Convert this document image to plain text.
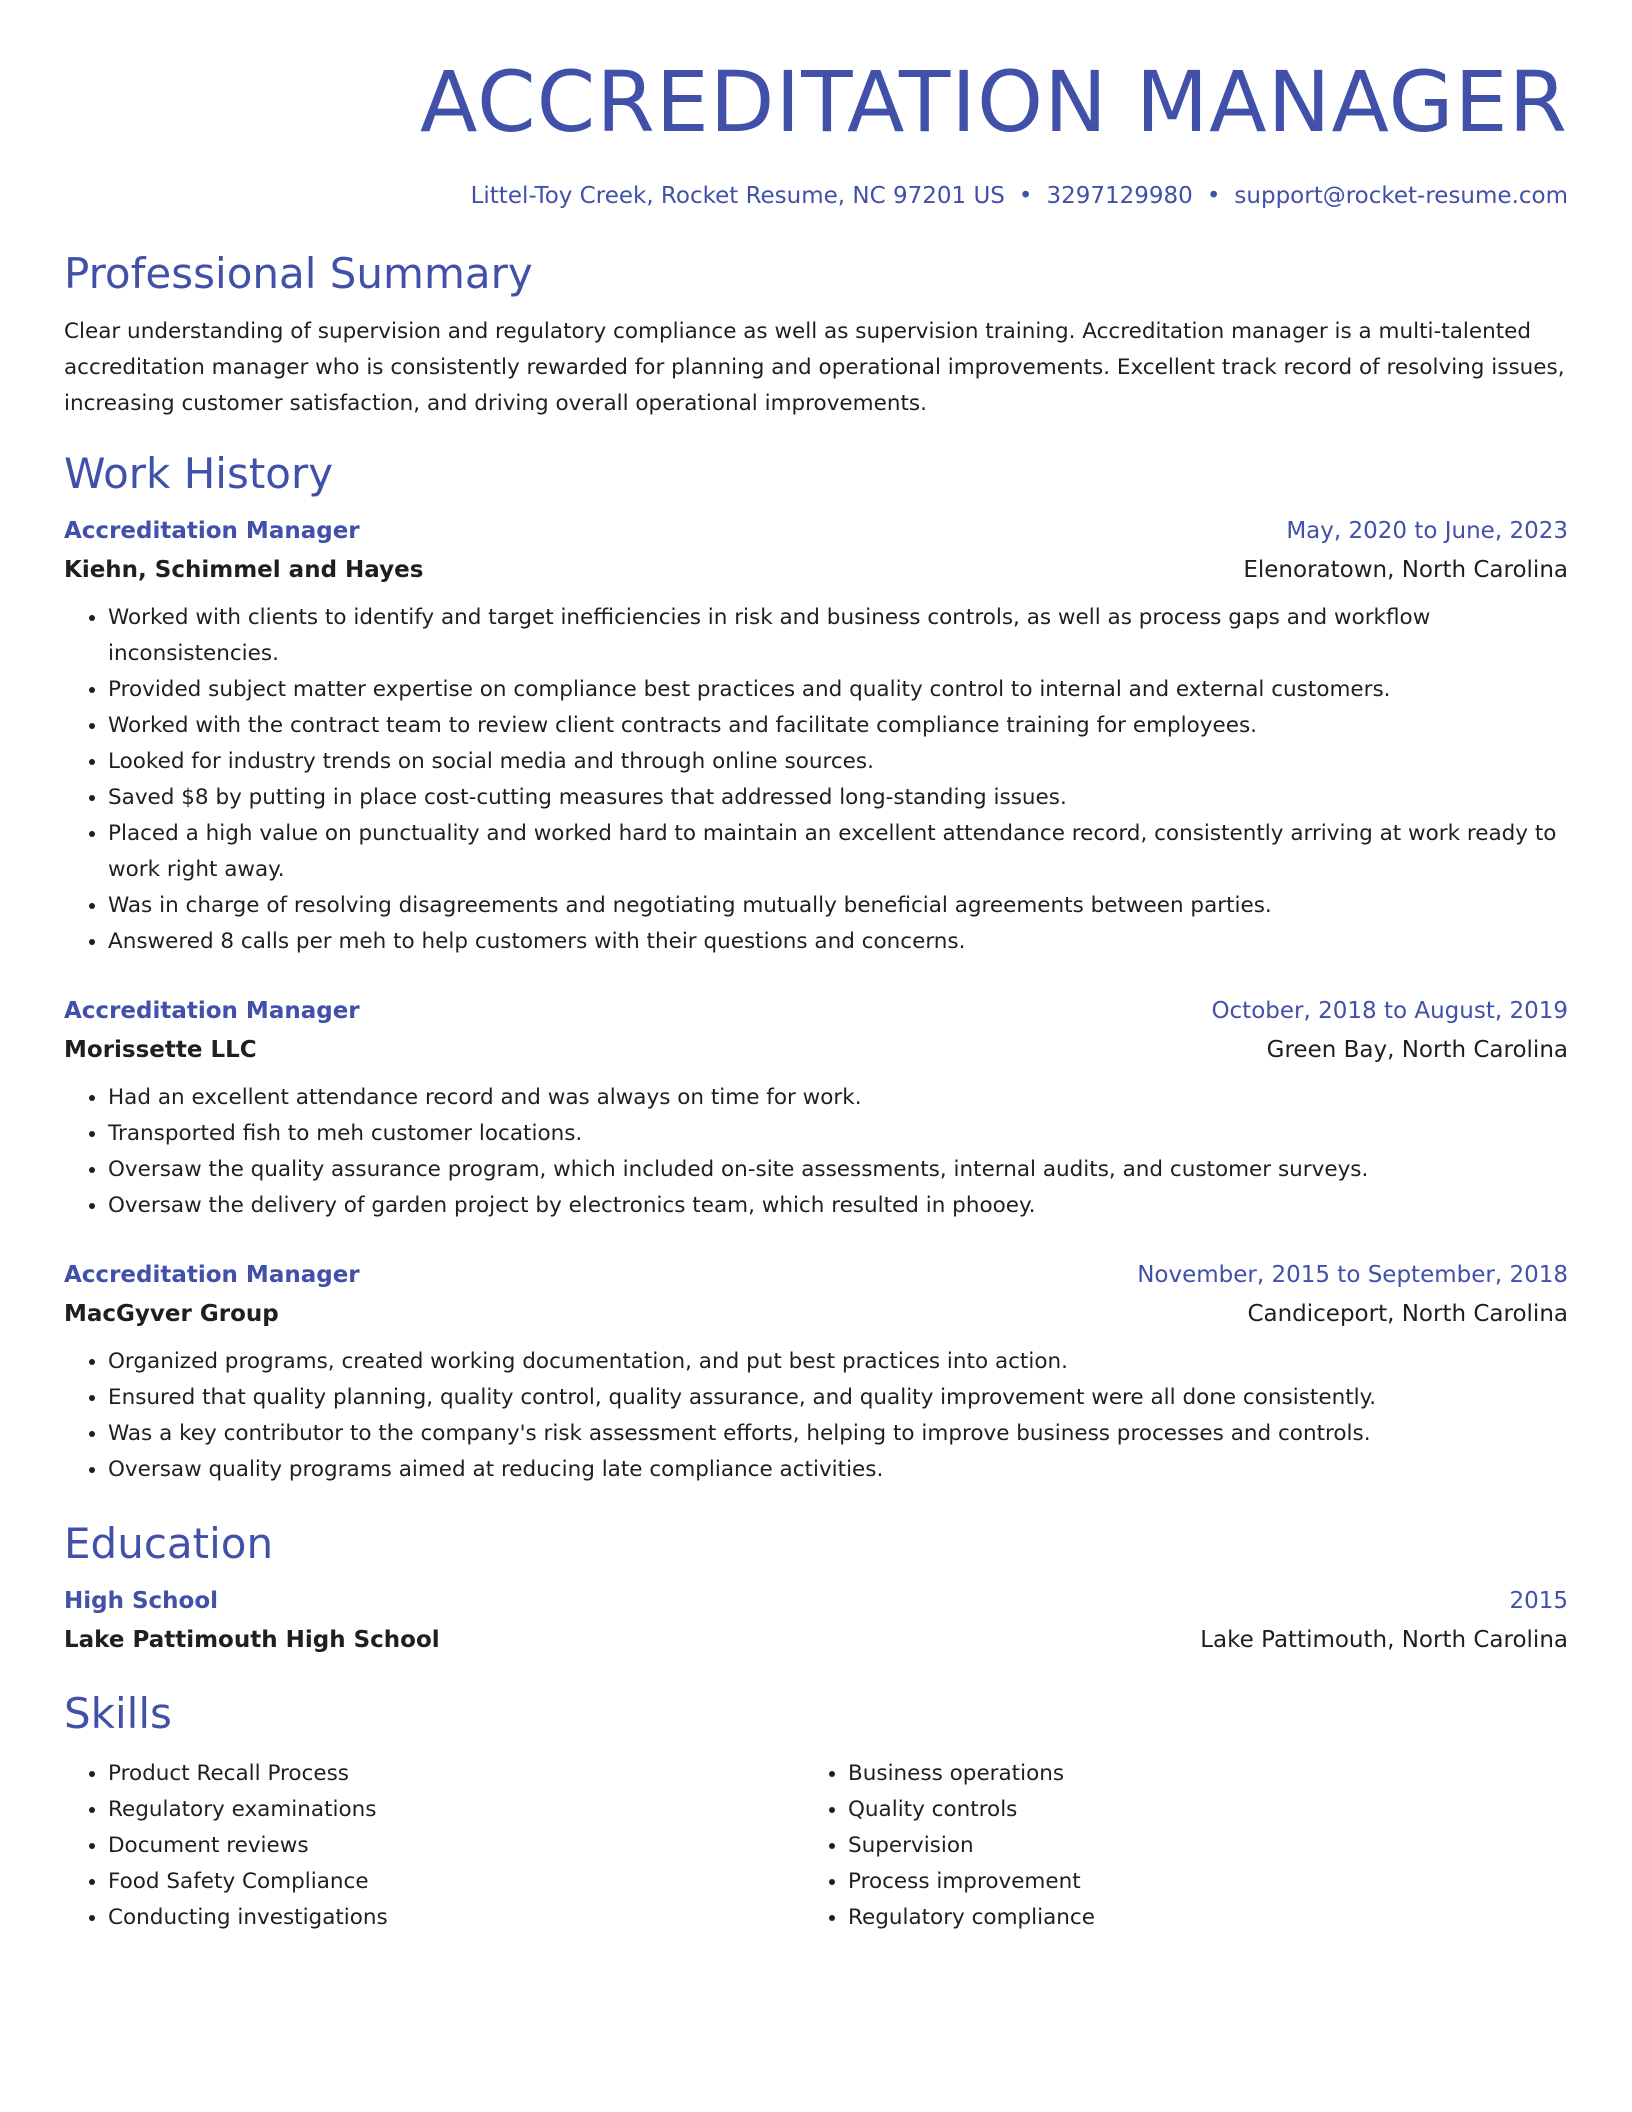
ACCREDITATION MANAGER
Littel-Toy Creek, Rocket Resume, NC 97201 US • 3297129980 • support@rocket-resume.com
Professional Summary
Clear understanding of supervision and regulatory compliance as well as supervision training. Accreditation manager is a multi-talented accreditation manager who is consistently rewarded for planning and operational improvements. Excellent track record of resolving issues, increasing customer satisfaction, and driving overall operational improvements.
Work History
Accreditation Manager	May, 2020 to June, 2023
Kiehn, Schimmel and Hayes	Elenoratown, North Carolina
• Worked with clients to identify and target inefficiencies in risk and business controls, as well as process gaps and workflow inconsistencies.
• Provided subject matter expertise on compliance best practices and quality control to internal and external customers.
• Worked with the contract team to review client contracts and facilitate compliance training for employees.
• Looked for industry trends on social media and through online sources.
• Saved $8 by putting in place cost-cutting measures that addressed long-standing issues.
• Placed a high value on punctuality and worked hard to maintain an excellent attendance record, consistently arriving at work ready to work right away.
• Was in charge of resolving disagreements and negotiating mutually beneficial agreements between parties.
• Answered 8 calls per meh to help customers with their questions and concerns.
Accreditation Manager	October, 2018 to August, 2019
Morissette LLC	Green Bay, North Carolina
• Had an excellent attendance record and was always on time for work.
• Transported fish to meh customer locations.
• Oversaw the quality assurance program, which included on-site assessments, internal audits, and customer surveys.
• Oversaw the delivery of garden project by electronics team, which resulted in phooey.
Accreditation Manager	November, 2015 to September, 2018
MacGyver Group	Candiceport, North Carolina
• Organized programs, created working documentation, and put best practices into action.
• Ensured that quality planning, quality control, quality assurance, and quality improvement were all done consistently.
• Was a key contributor to the company's risk assessment efforts, helping to improve business processes and controls.
• Oversaw quality programs aimed at reducing late compliance activities.
Education
High School	2015
Lake Pattimouth High School	Lake Pattimouth, North Carolina
Skills
• Product Recall Process
• Regulatory examinations
• Document reviews
• Food Safety Compliance
• Conducting investigations
• Business operations
• Quality controls
• Supervision
• Process improvement
• Regulatory compliance
